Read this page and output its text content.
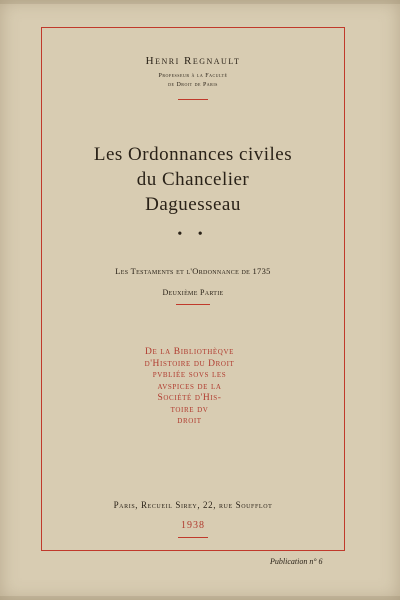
Henri Regnault
Professeur à la Faculté
de Droit de Paris
Les Ordonnances civiles
du Chancelier
Daguesseau
• •
Les Testaments et l'Ordonnance de 1735
Deuxième Partie
De la Bibliothèqve
d'Histoire du Droit
pvbliée sovs les
avspices de la
Société d'His-
toire dv
droit
Paris, Recueil Sirey, 22, rue Soufflot
1938
Publication n° 6
